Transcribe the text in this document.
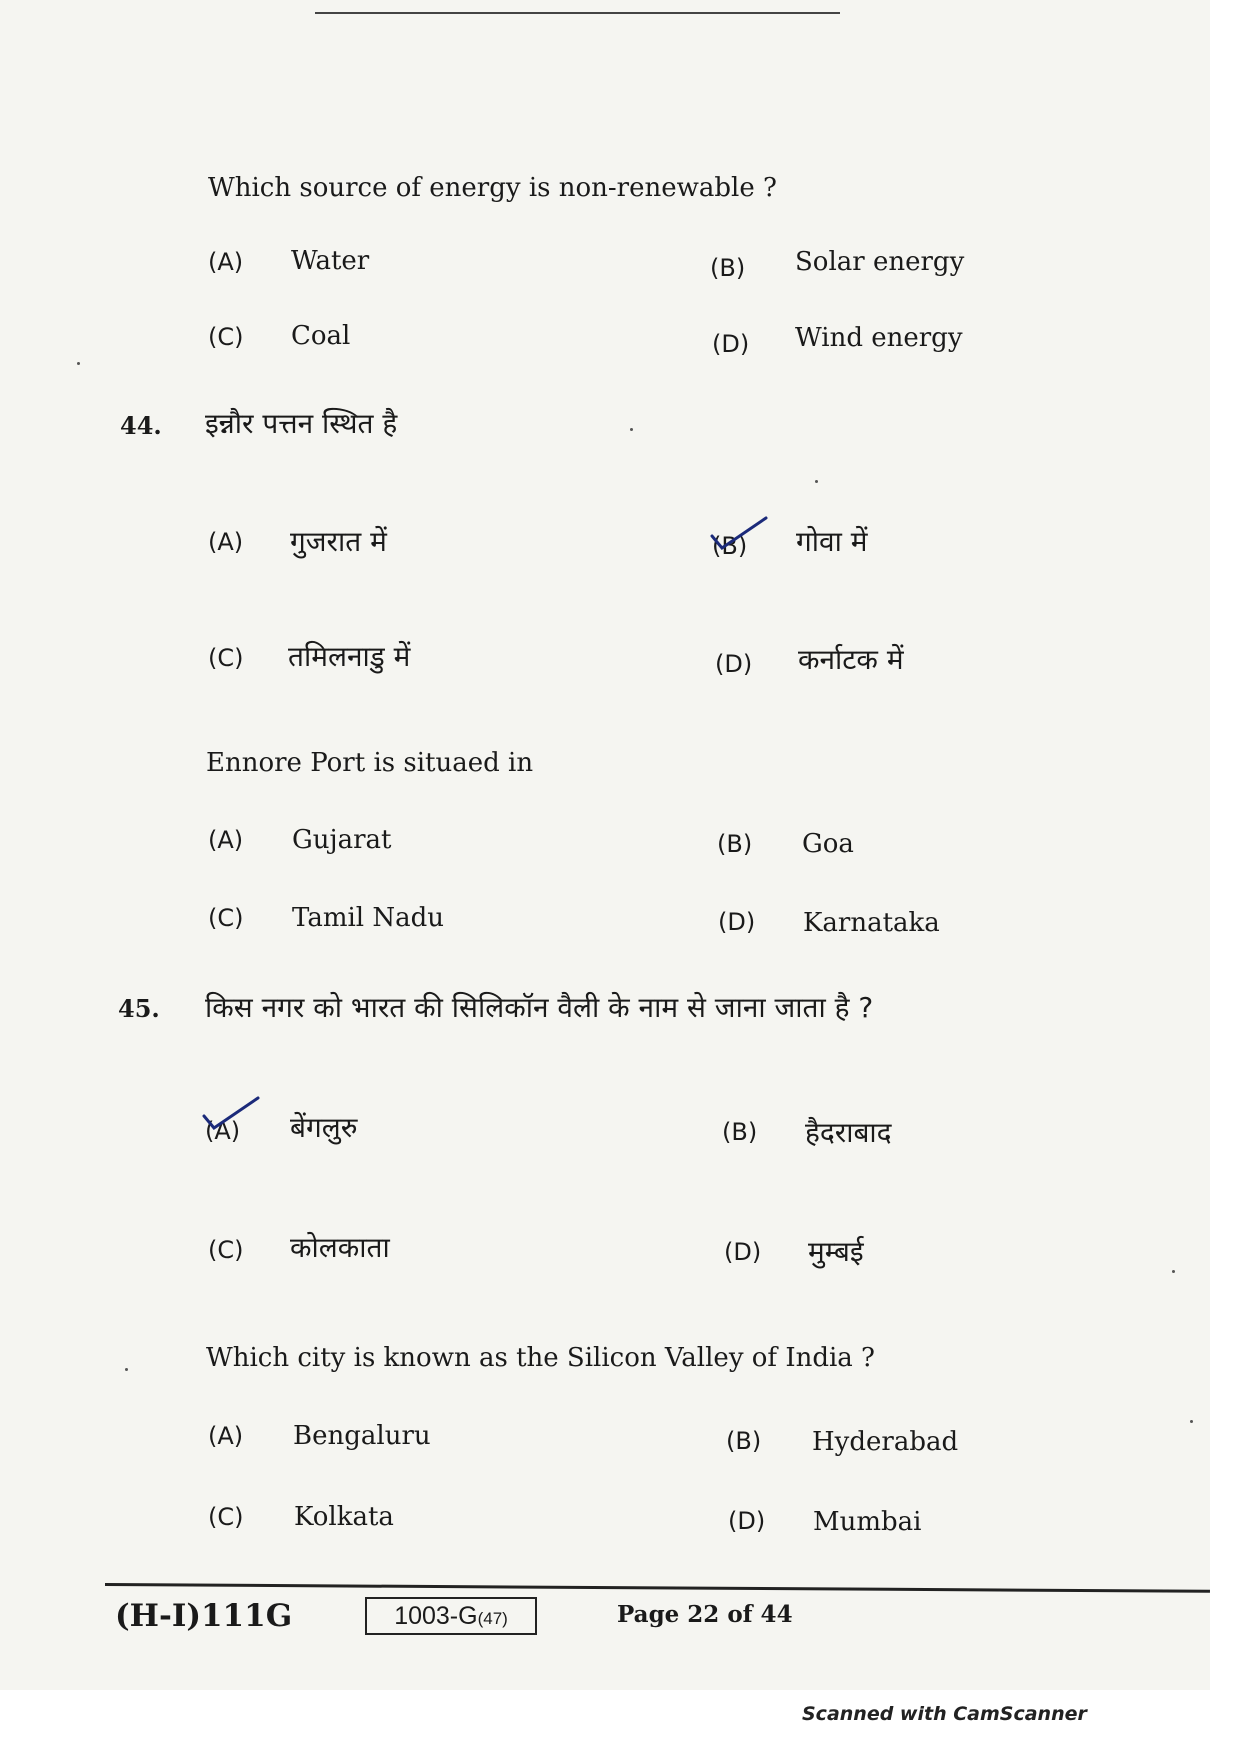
Which source of energy is non-renewable ?
(A) Water	(B) Solar energy
(C) Coal	(D) Wind energy
44. इन्नौर पत्तन स्थित है
(A) गुजरात में	(B) गोवा में
(C) तमिलनाडु में	(D) कर्नाटक में
Ennore Port is situaed in
(A) Gujarat	(B) Goa
(C) Tamil Nadu	(D) Karnataka
45. किस नगर को भारत की सिलिकॉन वैली के नाम से जाना जाता है ?
(A) बेंगलुरु	(B) हैदराबाद
(C) कोलकाता	(D) मुम्बई
Which city is known as the Silicon Valley of India ?
(A) Bengaluru	(B) Hyderabad
(C) Kolkata	(D) Mumbai
(H-I)111G	1003-G(47)	Page 22 of 44
Scanned with CamScanner
